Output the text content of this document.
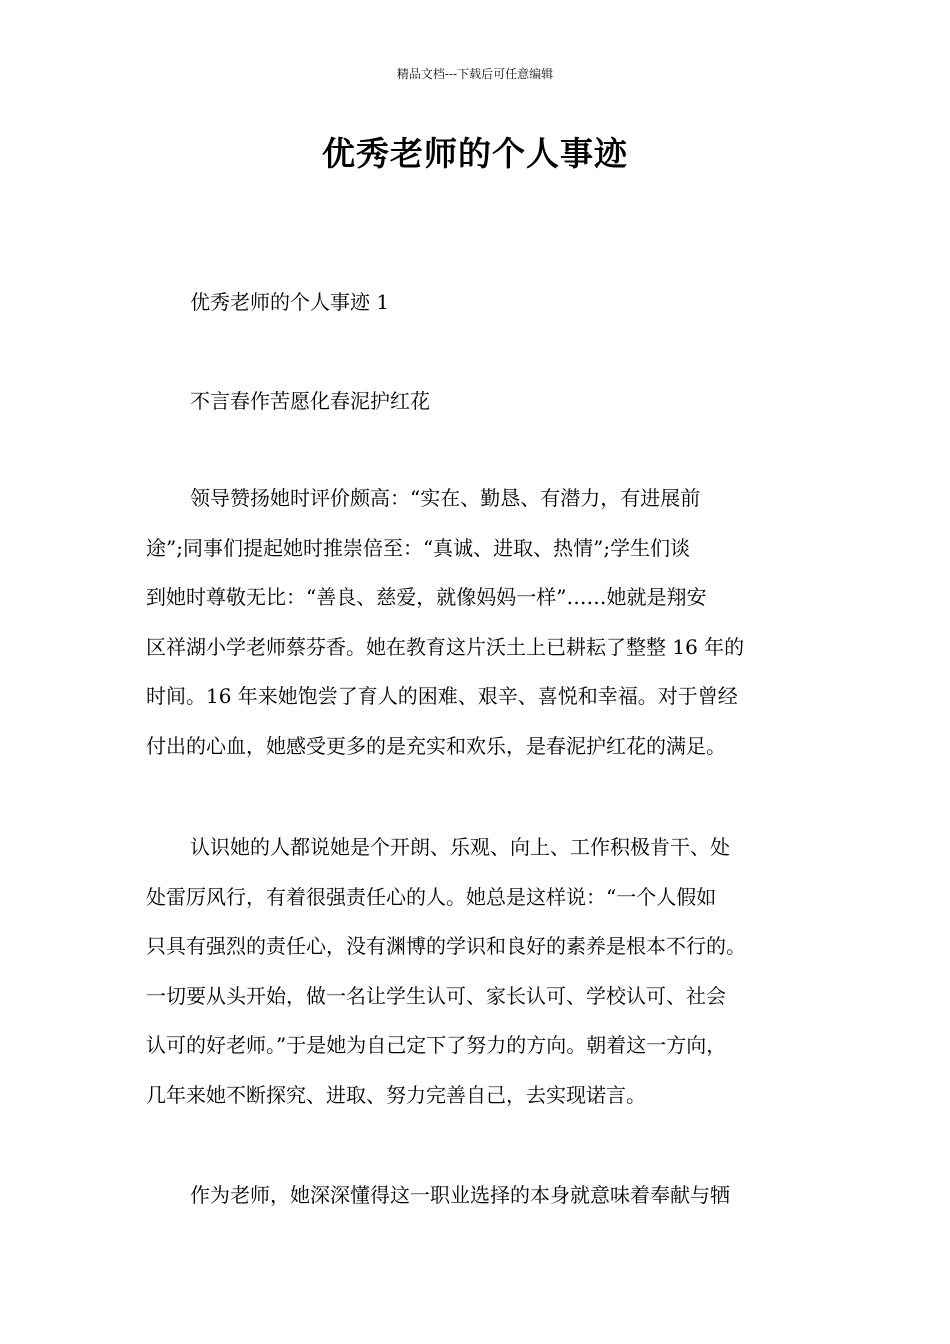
精品文档---下载后可任意编辑
优秀老师的个人事迹
优秀老师的个人事迹 1
不言春作苦愿化春泥护红花
领导赞扬她时评价颇高：“实在、勤恳、有潜力，有进展前
途”;同事们提起她时推崇倍至：“真诚、进取、热情”;学生们谈
到她时尊敬无比：“善良、慈爱，就像妈妈一样”……她就是翔安
区祥湖小学老师蔡芬香。她在教育这片沃土上已耕耘了整整 16 年的
时间。16 年来她饱尝了育人的困难、艰辛、喜悦和幸福。对于曾经
付出的心血，她感受更多的是充实和欢乐，是春泥护红花的满足。
认识她的人都说她是个开朗、乐观、向上、工作积极肯干、处
处雷厉风行，有着很强责任心的人。她总是这样说：“一个人假如
只具有强烈的责任心，没有渊博的学识和良好的素养是根本不行的。
一切要从头开始，做一名让学生认可、家长认可、学校认可、社会
认可的好老师。”于是她为自己定下了努力的方向。朝着这一方向，
几年来她不断探究、进取、努力完善自己，去实现诺言。
作为老师，她深深懂得这一职业选择的本身就意味着奉献与牺
